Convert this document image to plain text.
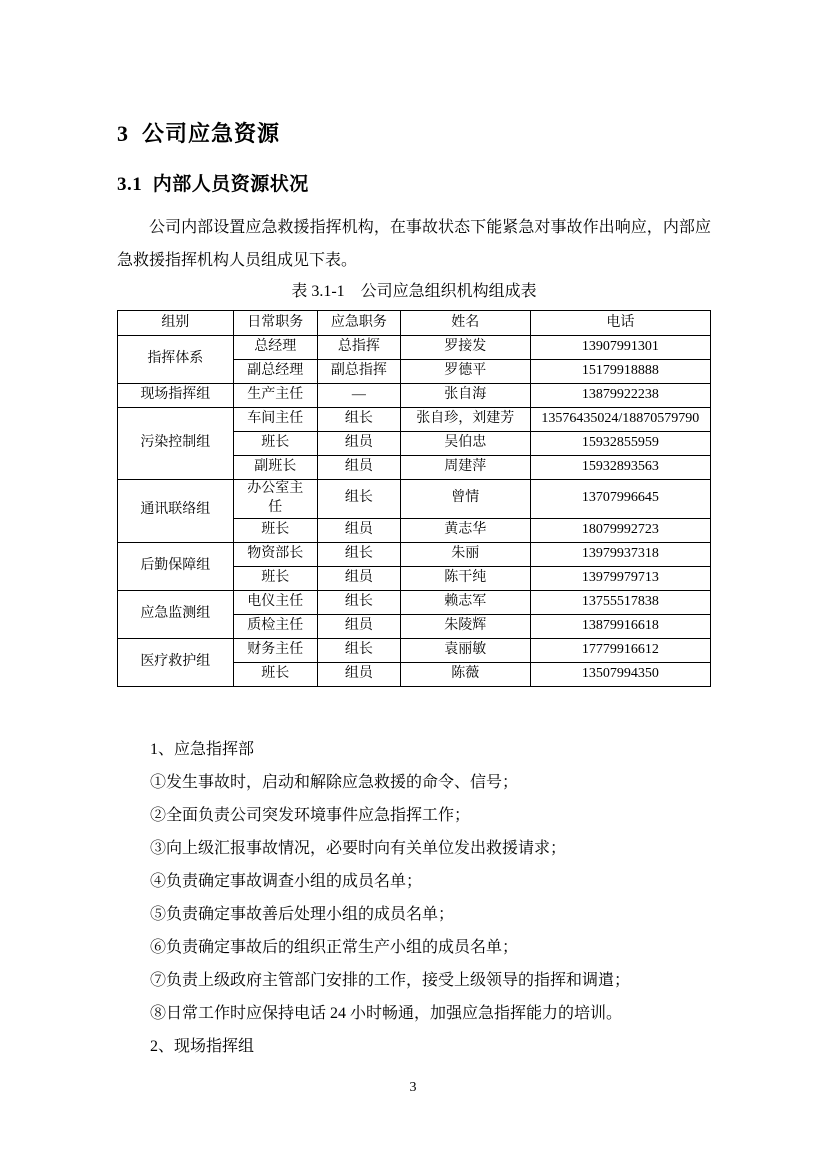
3  公司应急资源
3.1  内部人员资源状况

公司内部设置应急救援指挥机构，在事故状态下能紧急对事故作出响应，内部应急救援指挥机构人员组成见下表。

表 3.1-1　公司应急组织机构组成表
组别	日常职务	应急职务	姓名	电话
指挥体系	总经理	总指挥	罗接发	13907991301
	副总经理	副总指挥	罗德平	15179918888
现场指挥组	生产主任	—	张自海	13879922238
污染控制组	车间主任	组长	张自珍，刘建芳	13576435024/18870579790
	班长	组员	吴伯忠	15932855959
	副班长	组员	周建萍	15932893563
通讯联络组	办公室主任	组长	曾情	13707996645
	班长	组员	黄志华	18079992723
后勤保障组	物资部长	组长	朱丽	13979937318
	班长	组员	陈干纯	13979979713
应急监测组	电仪主任	组长	赖志军	13755517838
	质检主任	组员	朱陵辉	13879916618
医疗救护组	财务主任	组长	袁丽敏	17779916612
	班长	组员	陈薇	13507994350
1、应急指挥部
①发生事故时，启动和解除应急救援的命令、信号；
②全面负责公司突发环境事件应急指挥工作；
③向上级汇报事故情况，必要时向有关单位发出救援请求；
④负责确定事故调查小组的成员名单；
⑤负责确定事故善后处理小组的成员名单；
⑥负责确定事故后的组织正常生产小组的成员名单；
⑦负责上级政府主管部门安排的工作，接受上级领导的指挥和调遣；
⑧日常工作时应保持电话 24 小时畅通，加强应急指挥能力的培训。
2、现场指挥组
3
